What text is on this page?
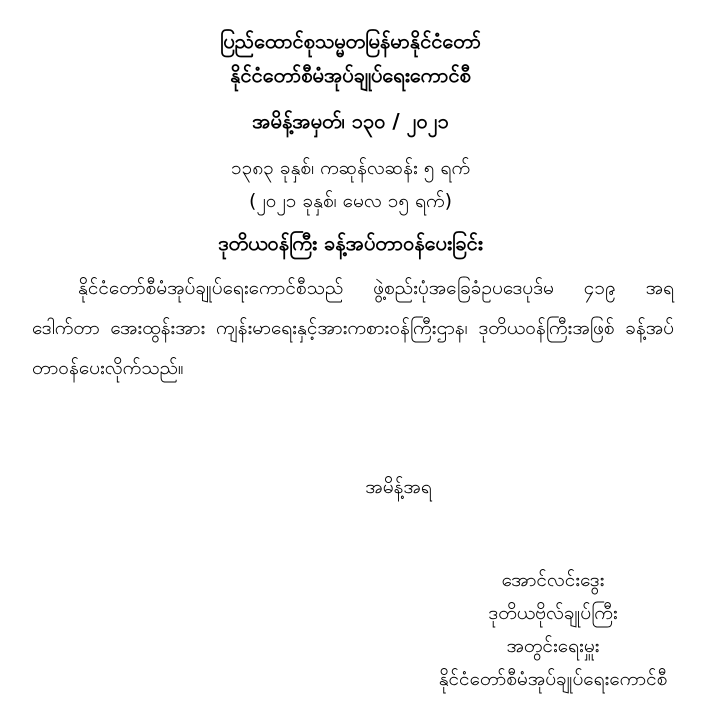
ပြည်ထောင်စုသမ္မတမြန်မာနိုင်ငံတော်
နိုင်ငံတော်စီမံအုပ်ချုပ်ရေးကောင်စီ
အမိန့်အမှတ်၊ ၁၃၀ / ၂၀၂၁
၁၃၈၃ ခုနှစ်၊ ကဆုန်လဆန်း ၅ ရက်
(၂၀၂၁ ခုနှစ်၊ မေလ ၁၅ ရက်)
ဒုတိယဝန်ကြီး ခန့်အပ်တာဝန်ပေးခြင်း

နိုင်ငံတော်စီမံအုပ်ချုပ်ရေးကောင်စီသည် ဖွဲ့စည်းပုံအခြေခံဥပဒေပုဒ်မ ၄၁၉ အရ ဒေါက်တာ အေးထွန်းအား ကျန်းမာရေးနှင့်အားကစားဝန်ကြီးဌာန၊ ဒုတိယဝန်ကြီးအဖြစ် ခန့်အပ်တာဝန်ပေးလိုက်သည်။

အမိန့်အရ
အောင်လင်းဒွေး
ဒုတိယဗိုလ်ချုပ်ကြီး
အတွင်းရေးမှူး
နိုင်ငံတော်စီမံအုပ်ချုပ်ရေးကောင်စီ
